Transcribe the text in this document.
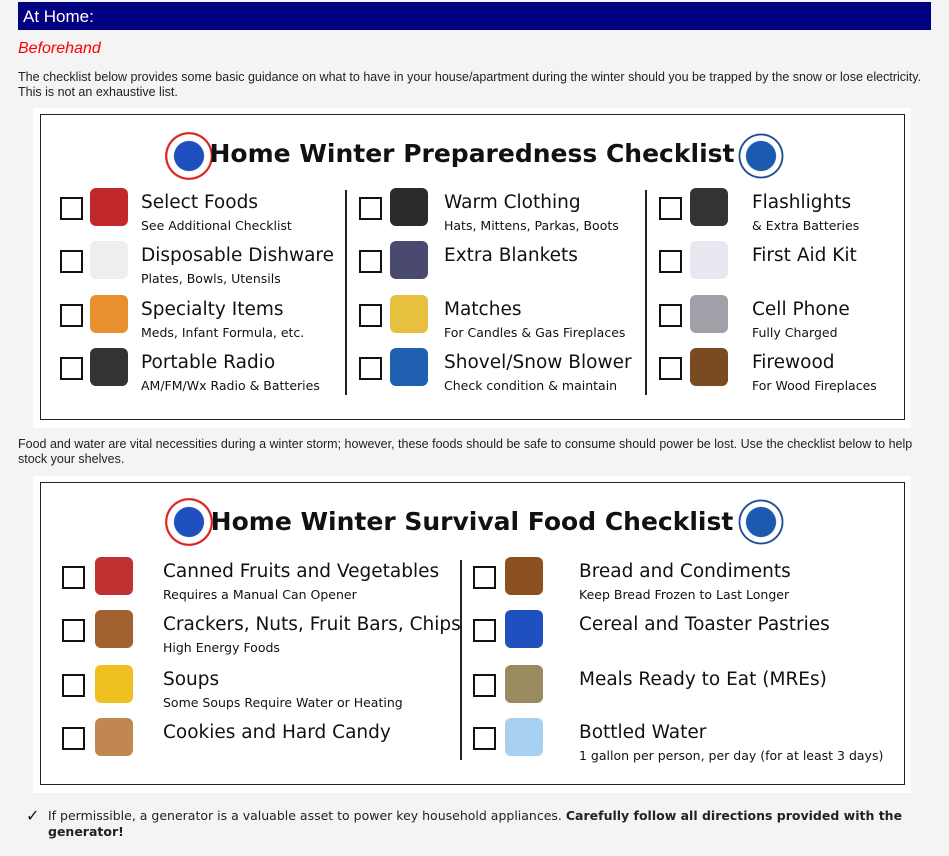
At Home:
Beforehand
The checklist below provides some basic guidance on what to have in your house/apartment during the winter should you be trapped by the snow or lose electricity. This is not an exhaustive list.
Home Winter Preparedness Checklist
Select Foods
See Additional Checklist
Disposable Dishware
Plates, Bowls, Utensils
Specialty Items
Meds, Infant Formula, etc.
Portable Radio
AM/FM/Wx Radio & Batteries
Warm Clothing
Hats, Mittens, Parkas, Boots
Extra Blankets
Matches
For Candles & Gas Fireplaces
Shovel/Snow Blower
Check condition & maintain
Flashlights
& Extra Batteries
First Aid Kit
Cell Phone
Fully Charged
Firewood
For Wood Fireplaces
Food and water are vital necessities during a winter storm; however, these foods should be safe to consume should power be lost. Use the checklist below to help stock your shelves.
Home Winter Survival Food Checklist
Canned Fruits and Vegetables
Requires a Manual Can Opener
Crackers, Nuts, Fruit Bars, Chips
High Energy Foods
Soups
Some Soups Require Water or Heating
Cookies and Hard Candy
Bread and Condiments
Keep Bread Frozen to Last Longer
Cereal and Toaster Pastries
Meals Ready to Eat (MREs)
Bottled Water
1 gallon per person, per day (for at least 3 days)
✓ If permissible, a generator is a valuable asset to power key household appliances. Carefully follow all directions provided with the generator!
